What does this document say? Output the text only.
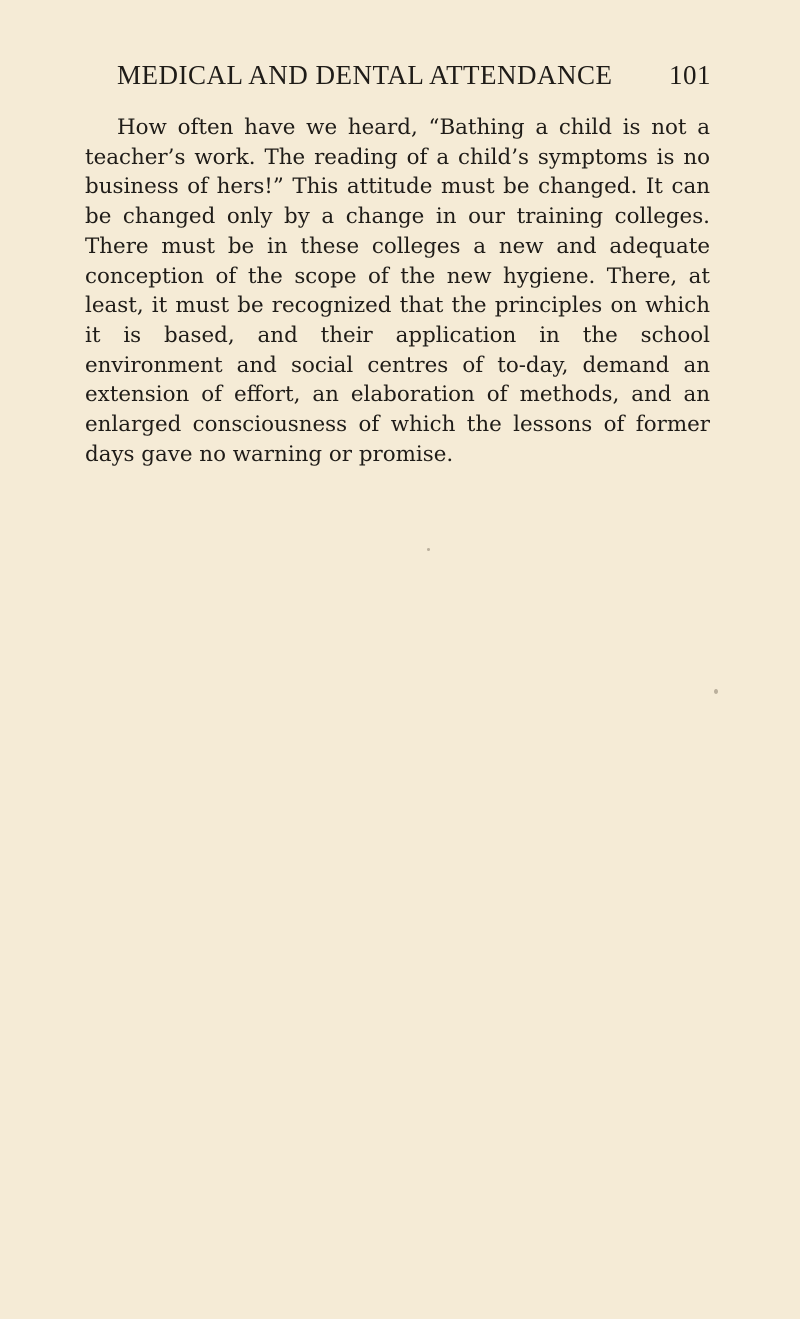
MEDICAL AND DENTAL ATTENDANCE 101

How often have we heard, “Bathing a child is not a teacher’s work. The reading of a child’s symptoms is no business of hers!” This attitude must be changed. It can be changed only by a change in our training colleges. There must be in these colleges a new and adequate conception of the scope of the new hygiene. There, at least, it must be recognized that the principles on which it is based, and their application in the school environment and social centres of to-day, demand an extension of effort, an elaboration of methods, and an enlarged consciousness of which the lessons of former days gave no warning or promise.
